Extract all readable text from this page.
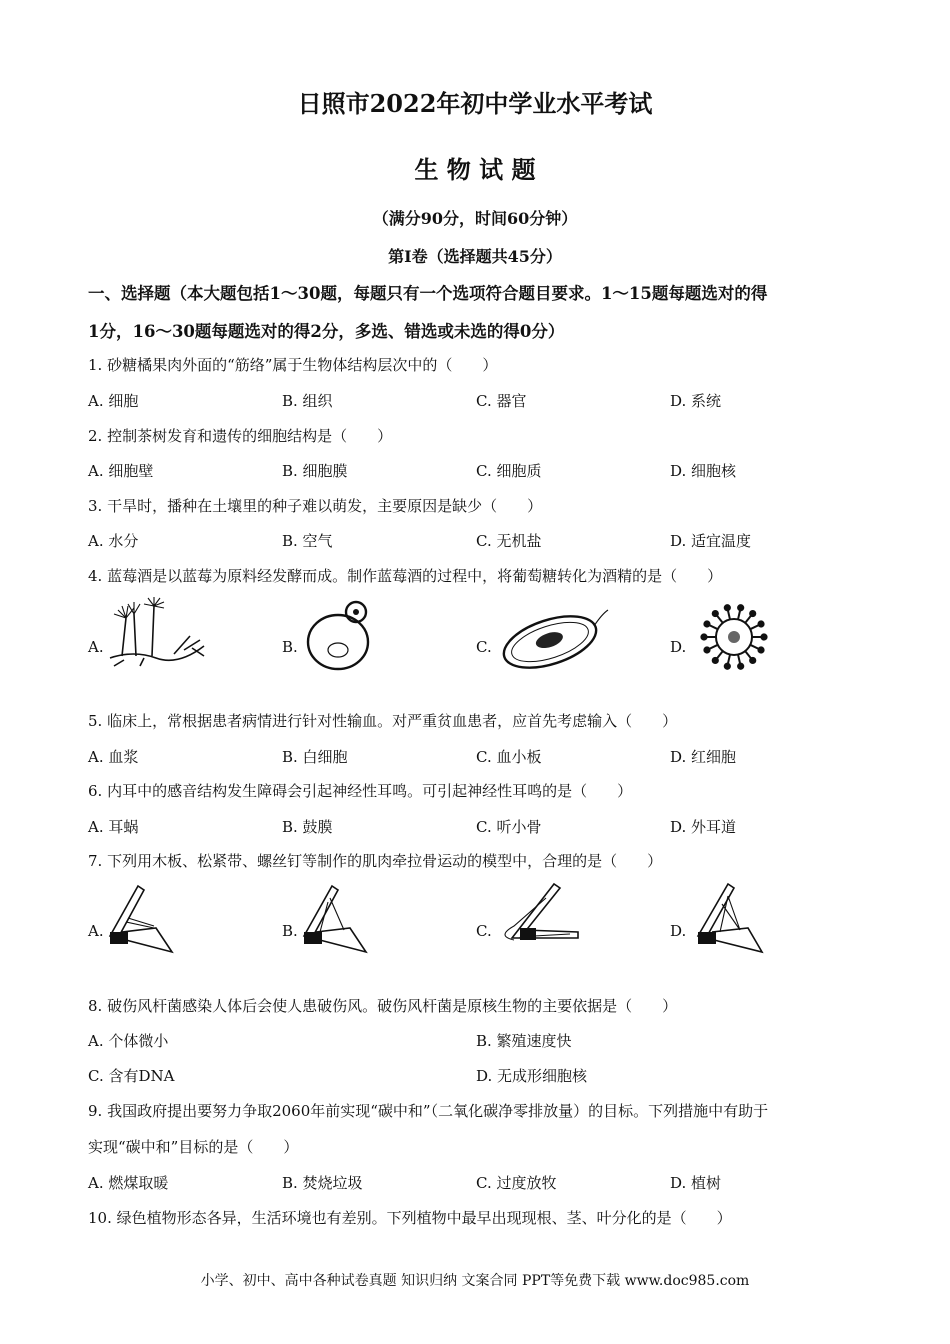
日照市2022年初中学业水平考试
生 物 试 题
（满分90分，时间60分钟）
第Ⅰ卷（选择题共45分）
一、选择题（本大题包括1～30题，每题只有一个选项符合题目要求。1～15题每题选对的得
1分，16～30题每题选对的得2分，多选、错选或未选的得0分）
1. 砂糖橘果肉外面的“筋络”属于生物体结构层次中的（　　）
A. 细胞	B. 组织	C. 器官	D. 系统
2. 控制茶树发育和遗传的细胞结构是（　　）
A. 细胞壁	B. 细胞膜	C. 细胞质	D. 细胞核
3. 干旱时，播种在土壤里的种子难以萌发，主要原因是缺少（　　）
A. 水分	B. 空气	C. 无机盐	D. 适宜温度
4. 蓝莓酒是以蓝莓为原料经发酵而成。制作蓝莓酒的过程中，将葡萄糖转化为酒精的是（　　）
A.	B.	C.	D.
5. 临床上，常根据患者病情进行针对性输血。对严重贫血患者，应首先考虑输入（　　）
A. 血浆	B. 白细胞	C. 血小板	D. 红细胞
6. 内耳中的感音结构发生障碍会引起神经性耳鸣。可引起神经性耳鸣的是（　　）
A. 耳蜗	B. 鼓膜	C. 听小骨	D. 外耳道
7. 下列用木板、松紧带、螺丝钉等制作的肌肉牵拉骨运动的模型中，合理的是（　　）
A.	B.	C.	D.
8. 破伤风杆菌感染人体后会使人患破伤风。破伤风杆菌是原核生物的主要依据是（　　）
A. 个体微小	B. 繁殖速度快
C. 含有DNA	D. 无成形细胞核
9. 我国政府提出要努力争取2060年前实现“碳中和”（二氧化碳净零排放量）的目标。下列措施中有助于
实现“碳中和”目标的是（　　）
A. 燃煤取暖	B. 焚烧垃圾	C. 过度放牧	D. 植树
10. 绿色植物形态各异，生活环境也有差别。下列植物中最早出现现根、茎、叶分化的是（　　）
小学、初中、高中各种试卷真题 知识归纳 文案合同 PPT等免费下载 www.doc985.com
